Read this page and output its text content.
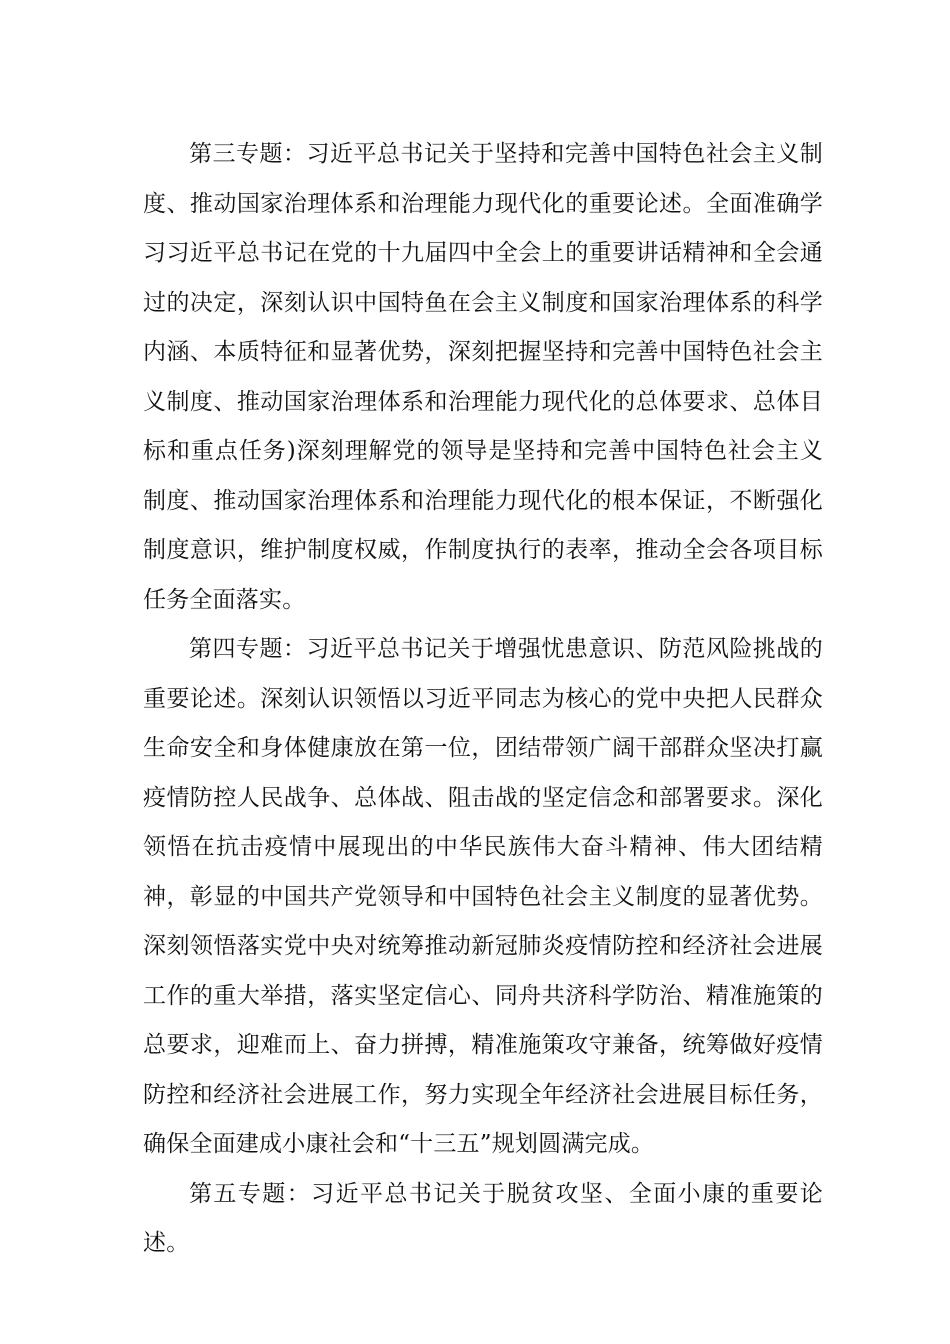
第三专题：习近平总书记关于坚持和完善中国特色社会主义制度、推动国家治理体系和治理能力现代化的重要论述。全面准确学习习近平总书记在党的十九届四中全会上的重要讲话精神和全会通过的决定，深刻认识中国特鱼在会主义制度和国家治理体系的科学内涵、本质特征和显著优势，深刻把握坚持和完善中国特色社会主义制度、推动国家治理体系和治理能力现代化的总体要求、总体目标和重点任务)深刻理解党的领导是坚持和完善中国特色社会主义制度、推动国家治理体系和治理能力现代化的根本保证，不断强化制度意识，维护制度权威，作制度执行的表率，推动全会各项目标任务全面落实。

第四专题：习近平总书记关于增强忧患意识、防范风险挑战的重要论述。深刻认识领悟以习近平同志为核心的党中央把人民群众生命安全和身体健康放在第一位，团结带领广阔干部群众坚决打赢疫情防控人民战争、总体战、阻击战的坚定信念和部署要求。深化领悟在抗击疫情中展现出的中华民族伟大奋斗精神、伟大团结精神，彰显的中国共产党领导和中国特色社会主义制度的显著优势。深刻领悟落实党中央对统筹推动新冠肺炎疫情防控和经济社会进展工作的重大举措，落实坚定信心、同舟共济科学防治、精准施策的总要求，迎难而上、奋力拼搏，精准施策攻守兼备，统筹做好疫情防控和经济社会进展工作，努力实现全年经济社会进展目标任务，确保全面建成小康社会和“十三五”规划圆满完成。

第五专题：习近平总书记关于脱贫攻坚、全面小康的重要论述。
